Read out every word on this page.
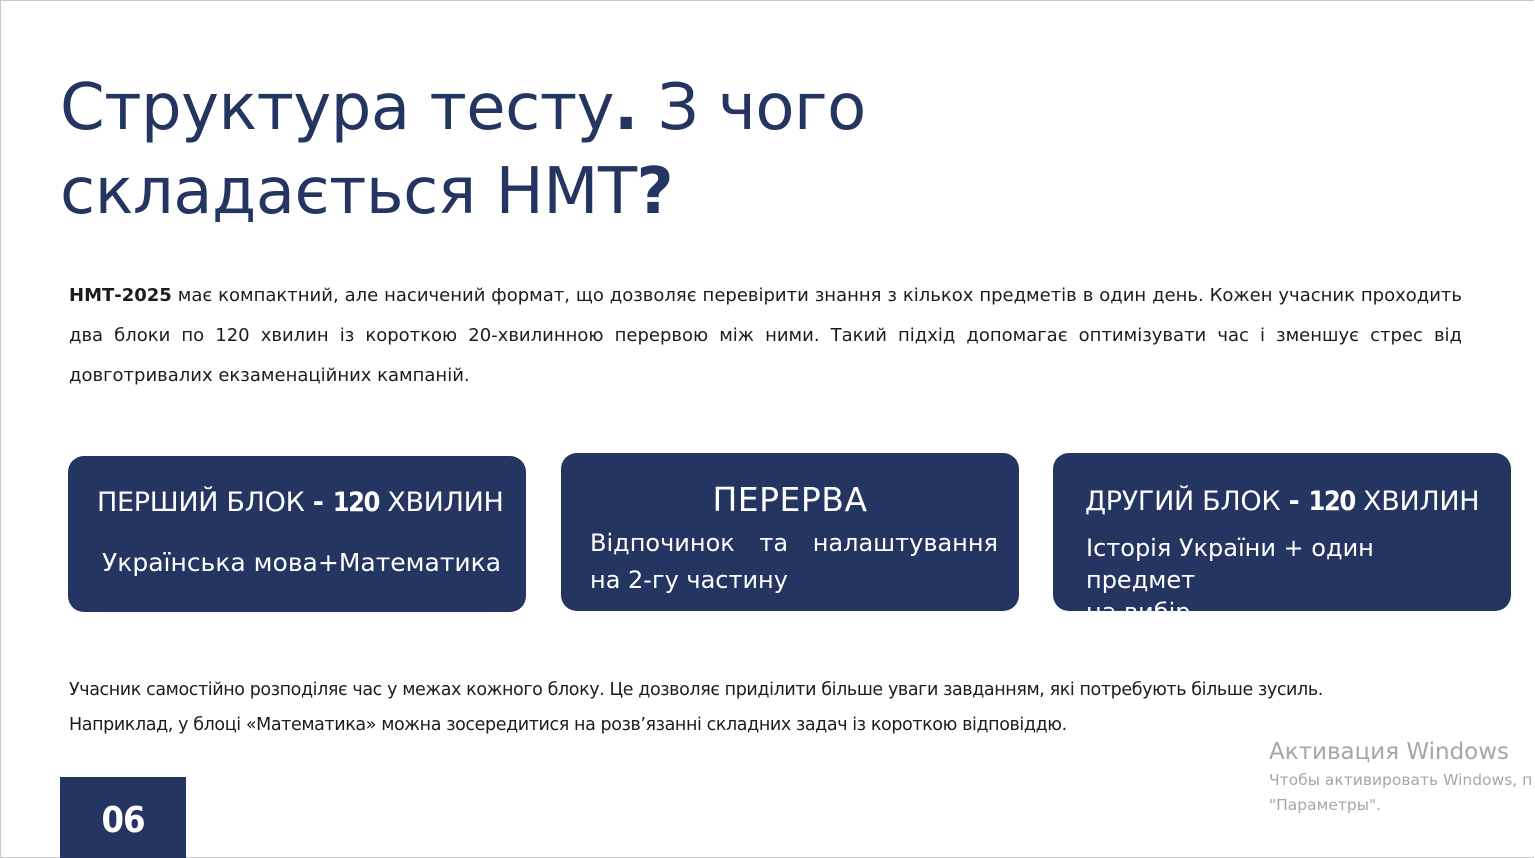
Структура тесту. З чого складається НМТ?

НМТ-2025 має компактний, але насичений формат, що дозволяє перевірити знання з кількох предметів в один день. Кожен учасник проходить два блоки по 120 хвилин із короткою 20-хвилинною перервою між ними. Такий підхід допомагає оптимізувати час і зменшує стрес від довготривалих екзаменаційних кампаній.

ПЕРШИЙ БЛОК - 120 ХВИЛИН
Українська мова+Математика
ПЕРЕРВА
Відпочинок та налаштування на 2-гу частину
ДРУГИЙ БЛОК - 120 ХВИЛИН
Історія України + один предмет
на вибір
Учасник самостійно розподіляє час у межах кожного блоку. Це дозволяє приділити більше уваги завданням, які потребують більше зусиль.
Наприклад, у блоці «Математика» можна зосередитися на розв’язанні складних задач із короткою відповіддю.
06
Активация Windows
Чтобы активировать Windows, п
"Параметры".
